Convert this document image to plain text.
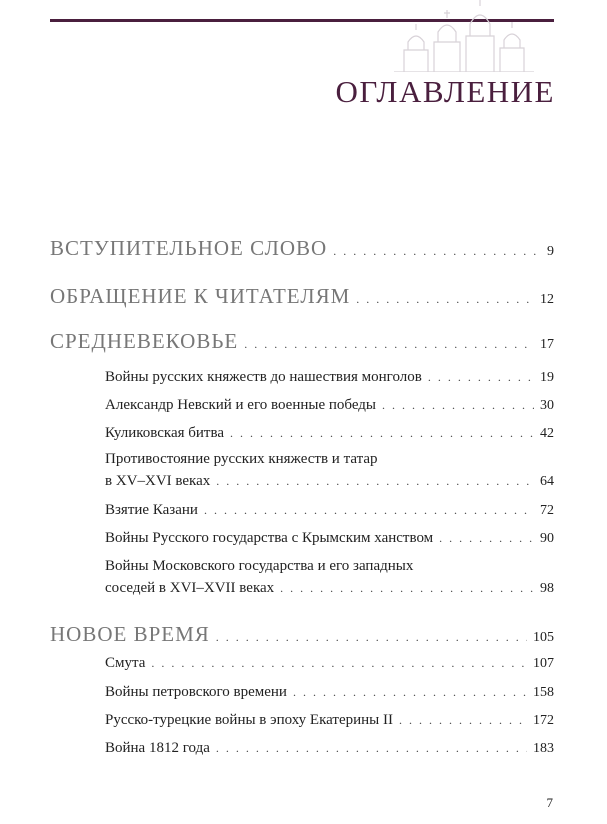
ОГЛАВЛЕНИЕ
ВСТУПИТЕЛЬНОЕ СЛОВО . . .	9
ОБРАЩЕНИЕ К ЧИТАТЕЛЯМ . . .	12
СРЕДНЕВЕКОВЬЕ . . .	17
Войны русских княжеств до нашествия монголов . . .	19
Александр Невский и его военные победы . . .	30
Куликовская битва . . .	42
Противостояние русских княжеств и татар
в XV–XVI веках . . .	64
Взятие Казани . . .	72
Войны Русского государства с Крымским ханством . . .	90
Войны Московского государства и его западных
соседей в XVI–XVII веках . . .	98
НОВОЕ ВРЕМЯ . . .	105
Смута . . .	107
Войны петровского времени . . .	158
Русско-турецкие войны в эпоху Екатерины II . . .	172
Война 1812 года . . .	183
7
